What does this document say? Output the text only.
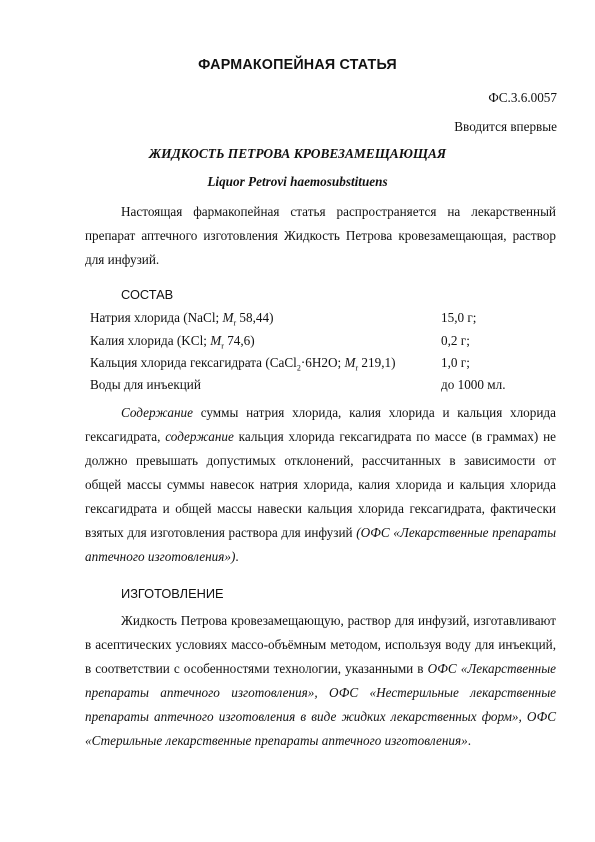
ФАРМАКОПЕЙНАЯ СТАТЬЯ
ФС.3.6.0057
Вводится впервые
ЖИДКОСТЬ ПЕТРОВА КРОВЕЗАМЕЩАЮЩАЯ
Liquor Petrovi haemosubstituens
Настоящая фармакопейная статья распространяется на лекарственный препарат аптечного изготовления Жидкость Петрова кровезамещающая, раствор для инфузий.
СОСТАВ
Натрия хлорида (NaCl; $M_r$ 58,44)	15,0 г;
Калия хлорида (KCl; $M_r$ 74,6)	0,2 г;
Кальция хлорида гексагидрата (CaCl$_2$·6H2O; $M_r$ 219,1)	1,0 г;
Воды для инъекций	до 1000 мл.
Содержание суммы натрия хлорида, калия хлорида и кальция хлорида гексагидрата, содержание кальция хлорида гексагидрата по массе (в граммах) не должно превышать допустимых отклонений, рассчитанных в зависимости от общей массы суммы навесок натрия хлорида, калия хлорида и кальция хлорида гексагидрата и общей массы навески кальция хлорида гексагидрата, фактически взятых для изготовления раствора для инфузий (ОФС «Лекарственные препараты аптечного изготовления»).
ИЗГОТОВЛЕНИЕ
Жидкость Петрова кровезамещающую, раствор для инфузий, изготавливают в асептических условиях массо-объёмным методом, используя воду для инъекций, в соответствии с особенностями технологии, указанными в ОФС «Лекарственные препараты аптечного изготовления», ОФС «Нестерильные лекарственные препараты аптечного изготовления в виде жидких лекарственных форм», ОФС «Стерильные лекарственные препараты аптечного изготовления».
